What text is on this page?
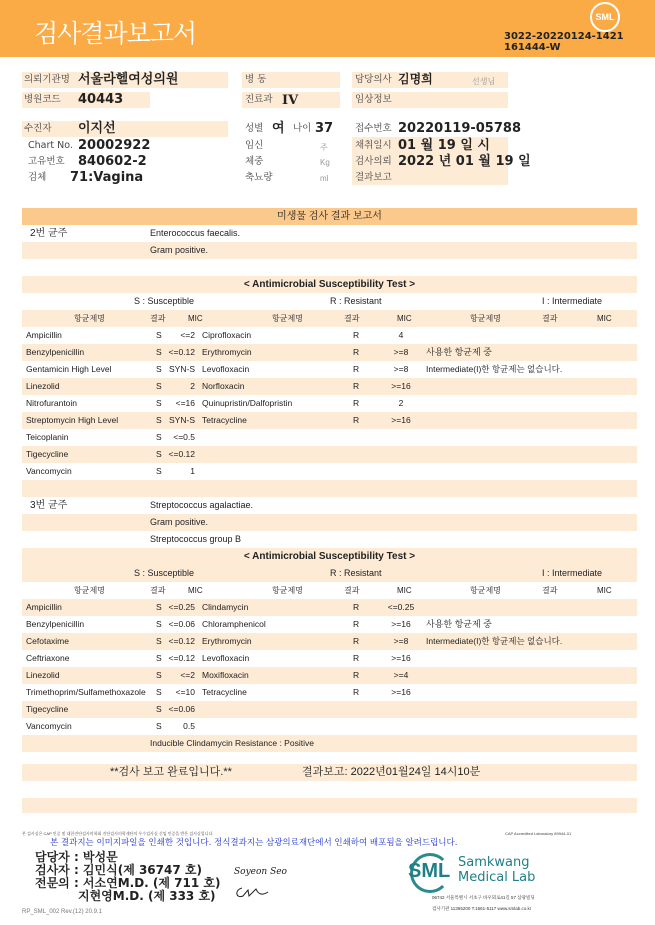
검사결과보고서
SML
3022-20220124-1421
161444-W
의뢰기관명 서울라헬여성의원
병원코드 40443
병 동
진료과 IV
담당의사 김명희	선생님
임상정보
수진자 이지선
Chart No. 20002922
고유번호 840602-2
검체 71:Vagina
성별 여 나이 37
임신	주
체중	Kg
축뇨량	ml
접수번호 20220119-05788
채취일시 01 월 19 일 시
검사의뢰 2022 년 01 월 19 일
결과보고
미생물 검사 결과 보고서
2번 균주	Enterococcus faecalis.
Gram positive.
< Antimicrobial Susceptibility Test >
S : Susceptible	R : Resistant	I : Intermediate
항균제명	결과	MIC	항균제명	결과	MIC	항균제명	결과	MIC
Ampicillin	S	<=2 Ciprofloxacin	R	4
Benzylpenicillin	S <=0.12 Erythromycin	R	>=8	사용한 항균제 중
Gentamicin High Level	S SYN-S Levofloxacin	R	>=8	Intermediate(I)한 항균제는 없습니다.
Linezolid	S	2 Norfloxacin	R	>=16
Nitrofurantoin	S	<=16 Quinupristin/Dalfopristin	R	2
Streptomycin High Level	S SYN-S Tetracycline	R	>=16
Teicoplanin	S	<=0.5
Tigecycline	S <=0.12
Vancomycin	S	1
3번 균주	Streptococcus agalactiae.
Gram positive.
Streptococcus group B
< Antimicrobial Susceptibility Test >
S : Susceptible	R : Resistant	I : Intermediate
항균제명	결과	MIC	항균제명	결과	MIC	항균제명	결과	MIC
Ampicillin	S <=0.25 Clindamycin	R	<=0.25
Benzylpenicillin	S <=0.06 Chloramphenicol	R	>=16	사용한 항균제 중
Cefotaxime	S <=0.12 Erythromycin	R	>=8	Intermediate(I)한 항균제는 없습니다.
Ceftriaxone	S <=0.12 Levofloxacin	R	>=16
Linezolid	S	<=2 Moxifloxacin	R	>=4
Trimethoprim/Sulfamethoxazole S	<=10 Tetracycline	R	>=16
Tigecycline	S <=0.06
Vancomycin	S	0.5
Inducible Clindamycin Resistance : Positive
**검사 보고 완료입니다.**	결과보고: 2022년01월24일 14시10분
본 검사실은 CAP 인증 및 대한진단검사의학회 진단검사의학재단의 우수검사실 신임 인증을 받은 검사실입니다.	CAP Accredited Laboratory 89944-01
본 결과지는 이미지파일을 인쇄한 것입니다. 정식결과지는 삼광의료재단에서 인쇄하여 배포됨을 알려드립니다.
담당자 : 박성문
검사자 : 김민식(제 36747 호)
전문의 : 서소연M.D. (제 711 호)
지현영M.D. (제 333 호)
Soyeon Seo	SML Samkwang
Medical Lab
06742 서울특별시 서초구 바우뫼로41길 57 삼광빌딩
검사기관 11365200 T.1661-5117 www.smlab.co.kr
RP_SML_002 Rev.(12) 20.9.1
